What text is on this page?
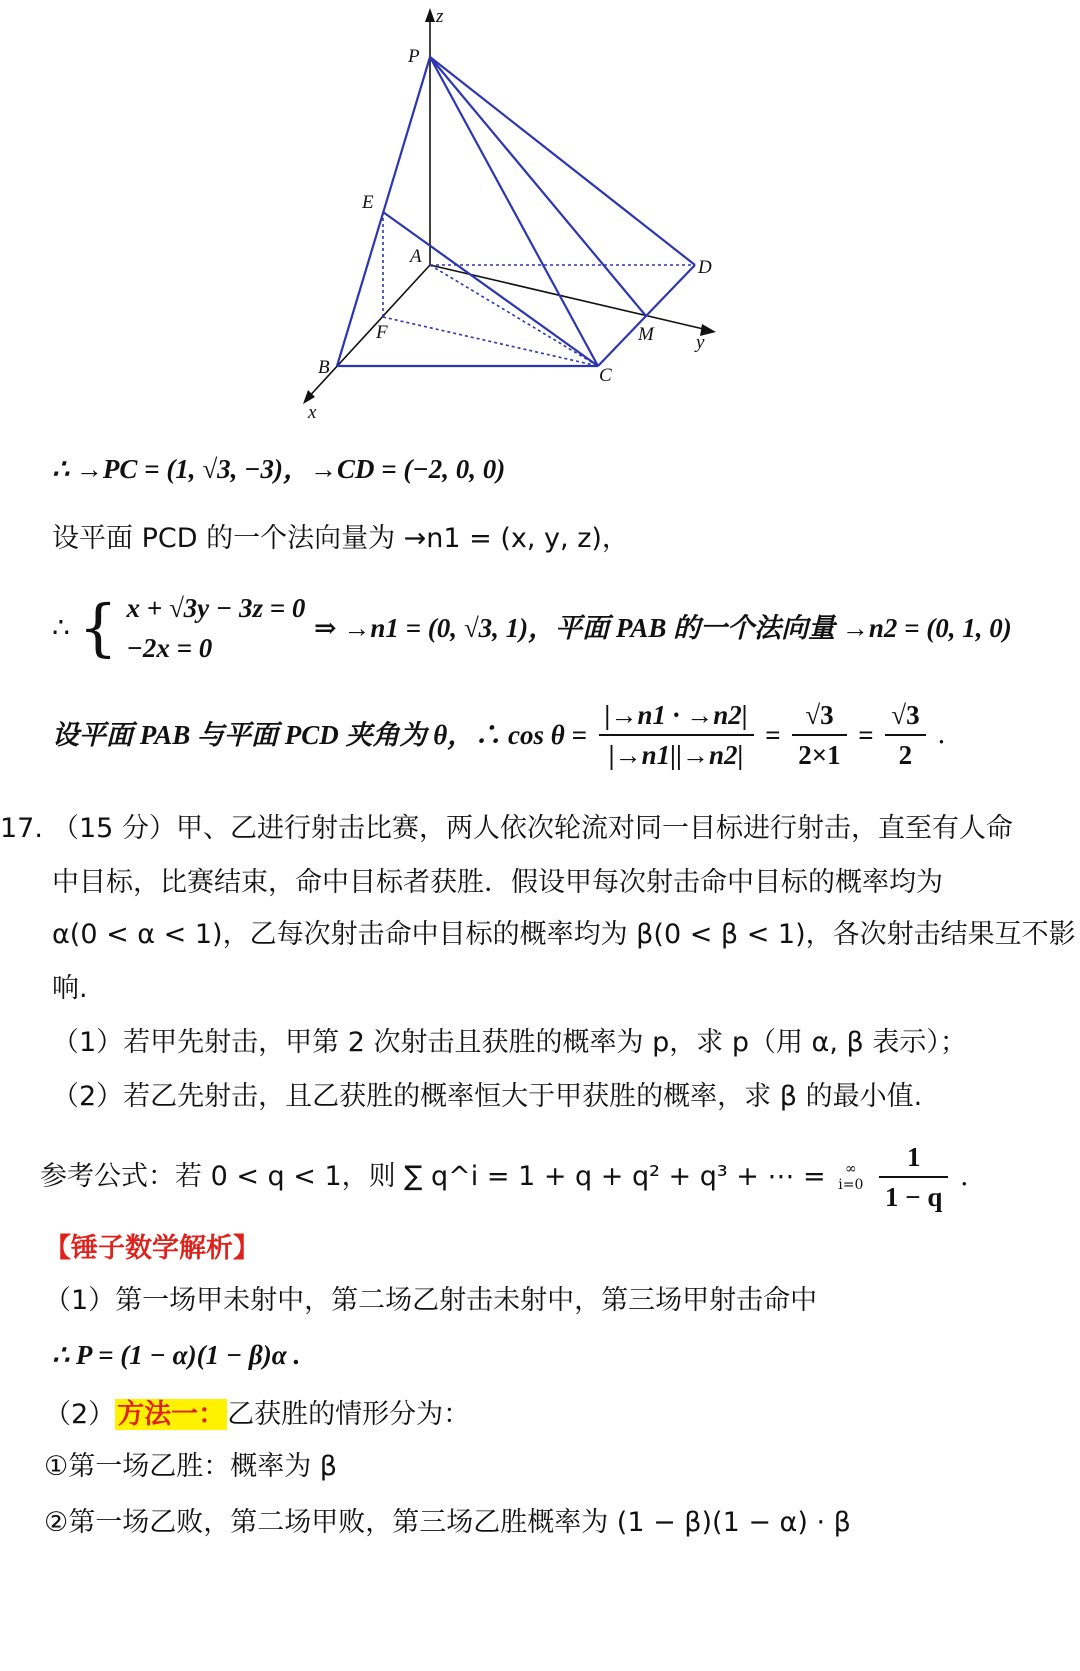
z
P
E
A
D
F	M y
B	C
x
∴ →PC = (1, √3, −3)，→CD = (−2, 0, 0)
设平面 PCD 的一个法向量为 →n1 = (x, y, z)，
∴ { x + √3y − 3z = 0
−2x = 0
⇒ →n1 = (0, √3, 1)，平面 PAB 的一个法向量 →n2 = (0, 1, 0)
设平面 PAB 与平面 PCD 夹角为 θ，∴ $\cos \theta = \frac{|\to n1 \cdot \to n2|}{|\to n1||\to n2|} = \frac{√3}{2\times 1} = \frac{√3}{2}$ .
17. （15 分）甲、乙进行射击比赛，两人依次轮流对同一目标进行射击，直至有人命
中目标，比赛结束，命中目标者获胜．假设甲每次射击命中目标的概率均为
α(0 < α < 1)，乙每次射击命中目标的概率均为 β(0 < β < 1)，各次射击结果互不影
响.
（1）若甲先射击，甲第 2 次射击且获胜的概率为 p，求 p（用 α, β 表示）；
（2）若乙先射击，且乙获胜的概率恒大于甲获胜的概率，求 β 的最小值.
参考公式：若 0 < q < 1，则 ∑ q^i = 1 + q + q² + q³ + ⋯ =	∞
i=0
$\frac{1}{1 - q}$ .
【锤子数学解析】
（1）第一场甲未射中，第二场乙射击未射中，第三场甲射击命中
∴ P = (1 − α)(1 − β)α .
（2）方法一：乙获胜的情形分为：
①第一场乙胜：概率为 β
②第一场乙败，第二场甲败，第三场乙胜概率为 (1 − β)(1 − α) · β
